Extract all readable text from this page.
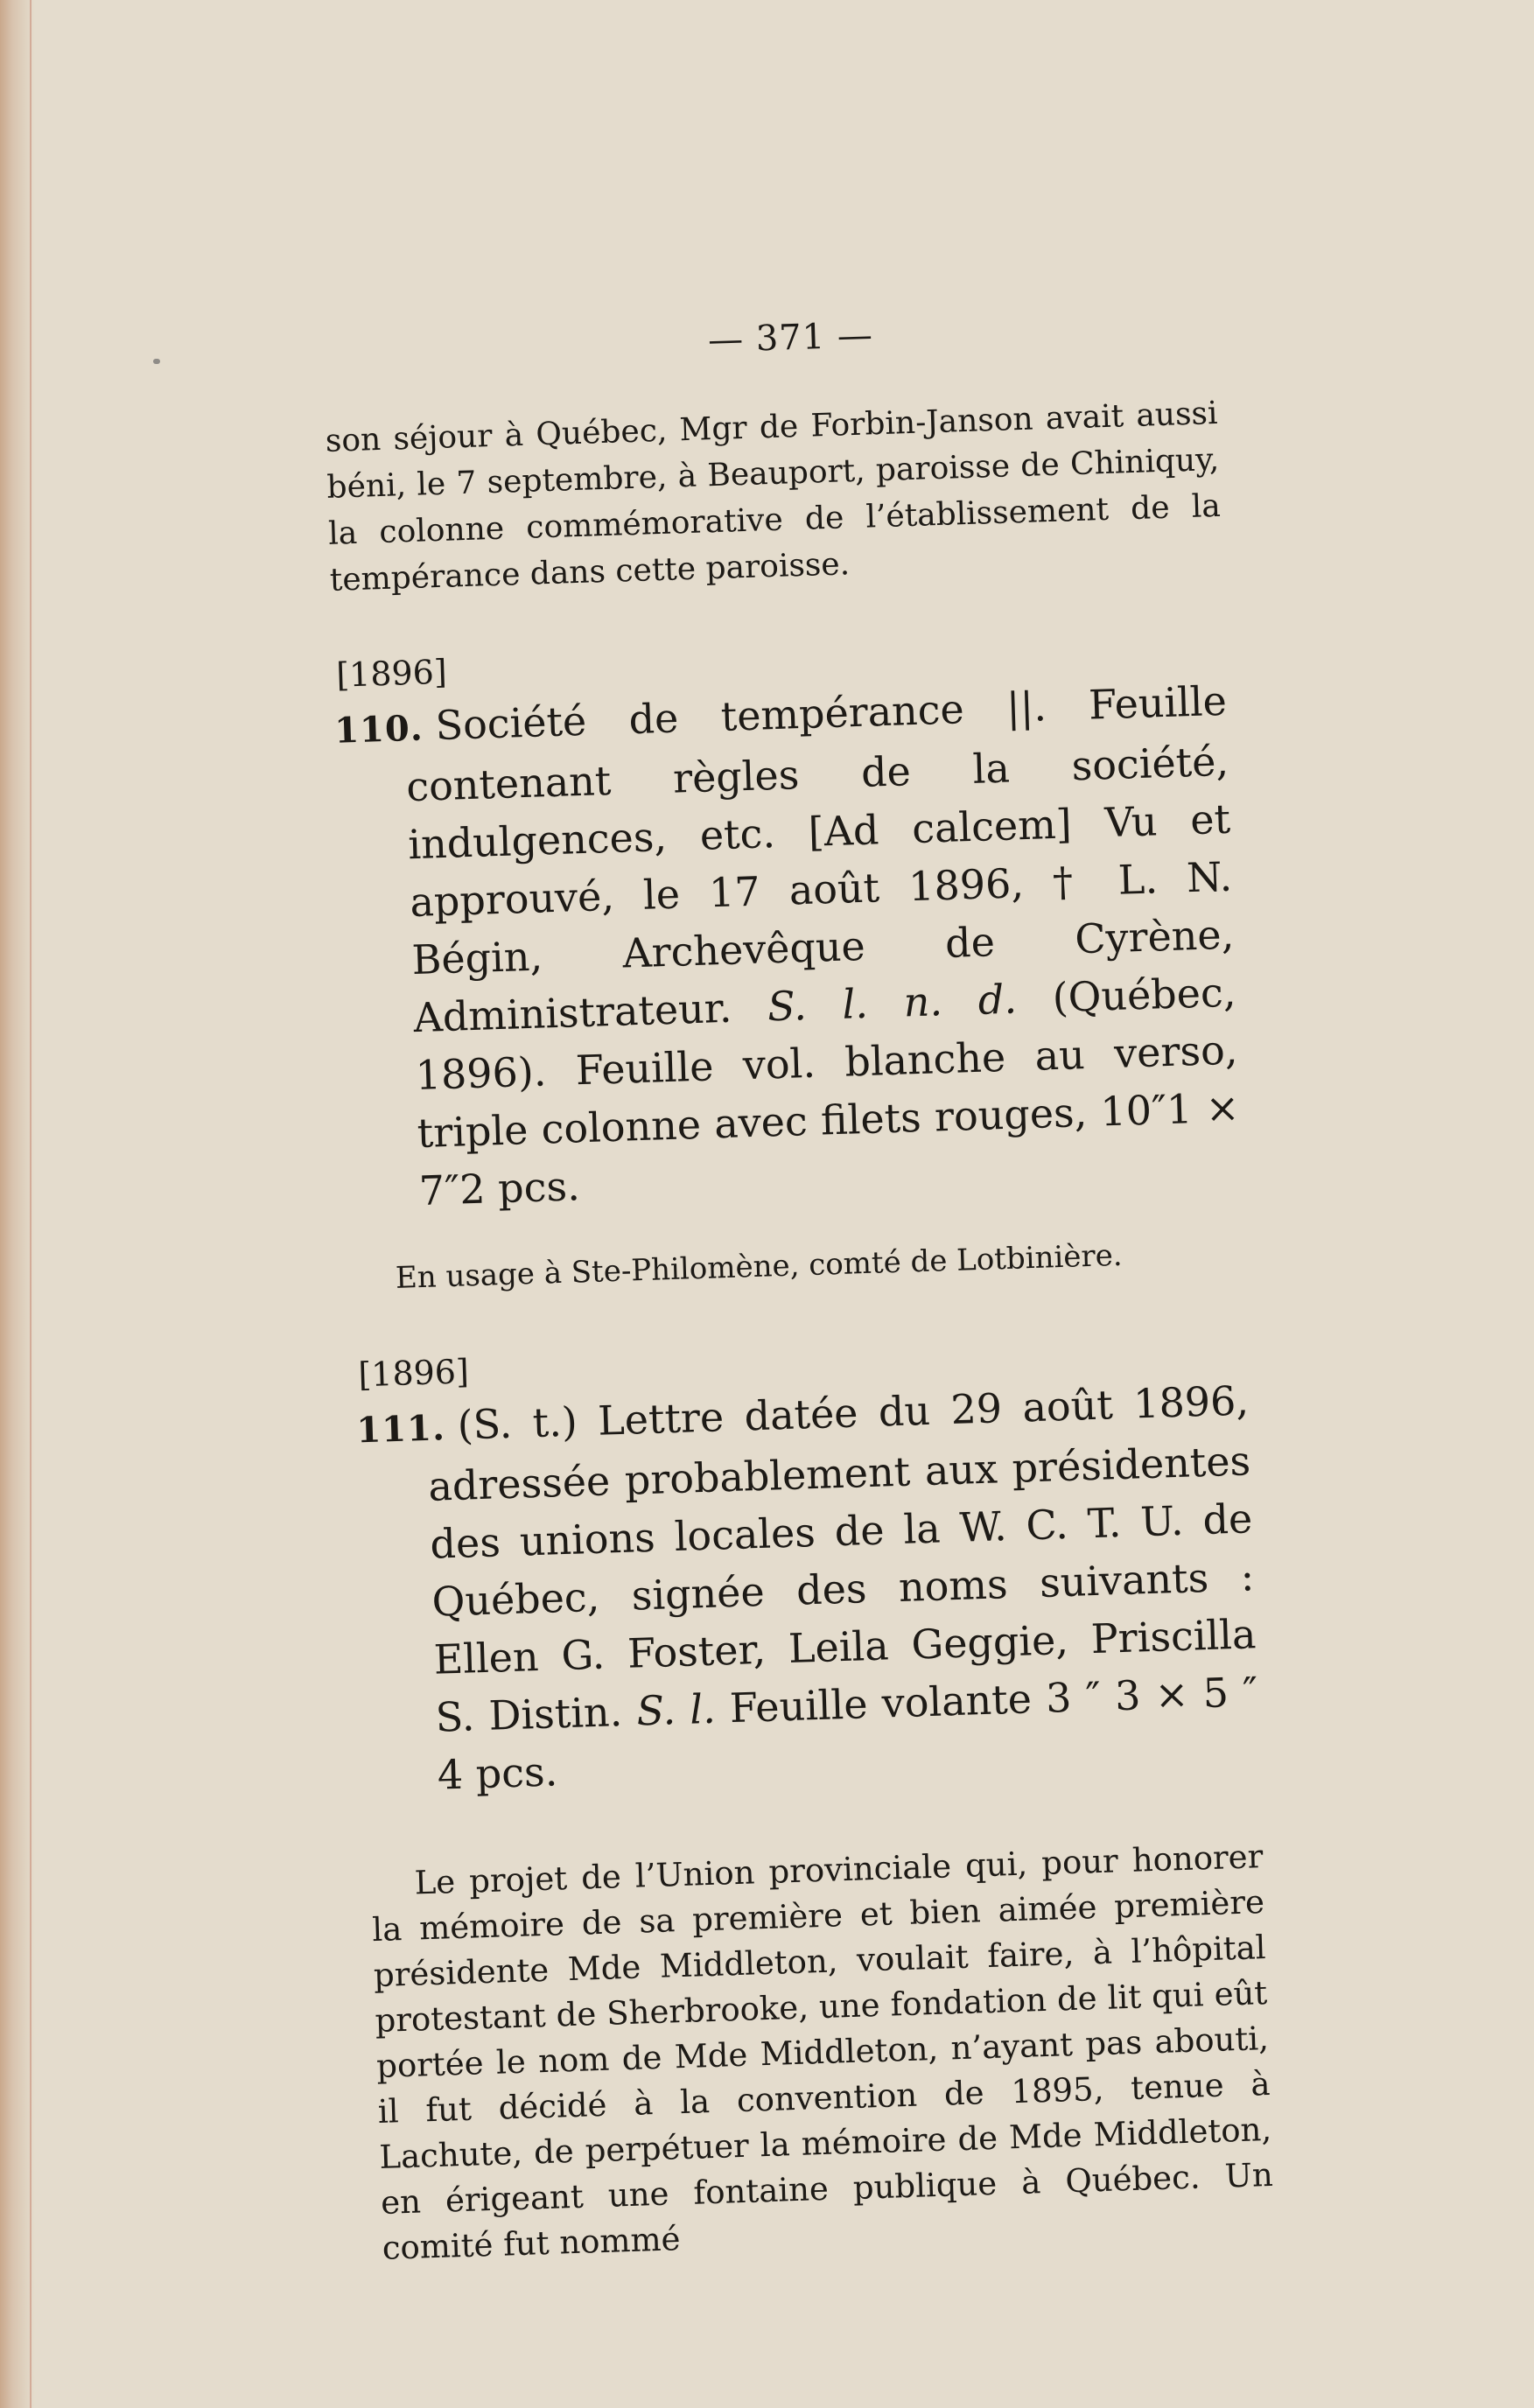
— 371 —

son séjour à Québec, Mgr de Forbin-Janson avait aussi béni, le 7 septembre, à Beauport, paroisse de Chiniquy, la colonne commémorative de l’établissement de la tempérance dans cette paroisse.

[1896]

110. Société de tempérance ||. Feuille contenant règles de la société, indulgences, etc. [Ad calcem] Vu et approuvé, le 17 août 1896, † L. N. Bégin, Archevêque de Cyrène, Administrateur. S. l. n. d. (Québec, 1896). Feuille vol. blanche au verso, triple colonne avec filets rouges, 10″1 × 7″2 pcs.

En usage à Ste-Philomène, comté de Lotbinière.

[1896]

111. (S. t.) Lettre datée du 29 août 1896, adressée probablement aux présidentes des unions locales de la W. C. T. U. de Québec, signée des noms suivants : Ellen G. Foster, Leila Geggie, Priscilla S. Distin. S. l. Feuille volante 3 ″ 3 × 5 ″ 4 pcs.

Le projet de l’Union provinciale qui, pour honorer la mémoire de sa première et bien aimée première présidente Mde Middleton, voulait faire, à l’hôpital protestant de Sherbrooke, une fondation de lit qui eût portée le nom de Mde Middleton, n’ayant pas abouti, il fut décidé à la convention de 1895, tenue à Lachute, de perpétuer la mémoire de Mde Middleton, en érigeant une fontaine publique à Québec. Un comité fut nommé
